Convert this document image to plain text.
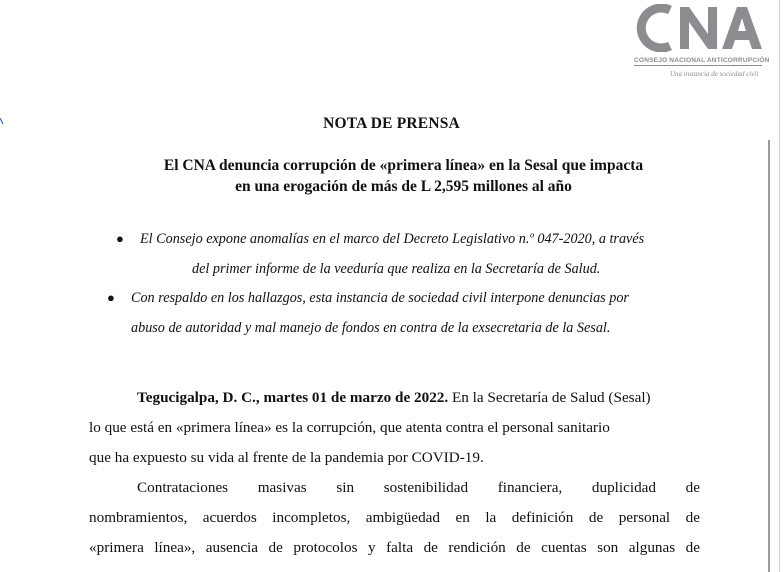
CONSEJO NACIONAL ANTICORRUPCIÓN
Una instancia de sociedad civil
NOTA DE PRENSA
El CNA denuncia corrupción de «primera línea» en la Sesal que impacta
en una erogación de más de L 2,595 millones al año
● El Consejo expone anomalías en el marco del Decreto Legislativo n.º 047-2020, a través
del primer informe de la veeduría que realiza en la Secretaría de Salud.
● Con respaldo en los hallazgos, esta instancia de sociedad civil interpone denuncias por
abuso de autoridad y mal manejo de fondos en contra de la exsecretaria de la Sesal.
Tegucigalpa, D. C., martes 01 de marzo de 2022. En la Secretaría de Salud (Sesal)
lo que está en «primera línea» es la corrupción, que atenta contra el personal sanitario
que ha expuesto su vida al frente de la pandemia por COVID-19.
Contrataciones masivas sin sostenibilidad financiera, duplicidad de
nombramientos, acuerdos incompletos, ambigüedad en la definición de personal de
«primera línea», ausencia de protocolos y falta de rendición de cuentas son algunas de
